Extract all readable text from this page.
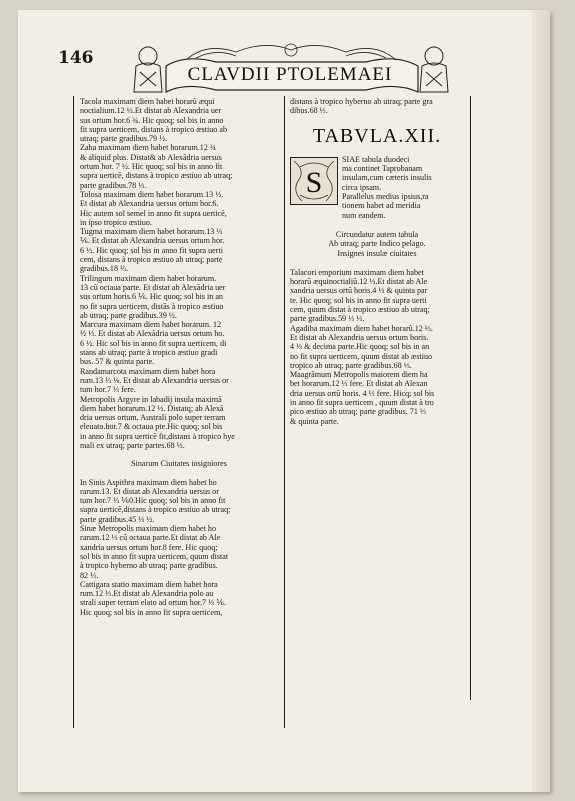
146
CLAVDII PTOLEMAEI

Tacola maximam diem habet horarũ æqui

noctialium.12 ½.Et distat ab Alexandria uer

sus ortum hor.6 ¾. Hic quoq; sol bis in anno

fit supra uerticem, distans à tropico æstiuo ab

utraq; parte gradibus.79 ½.

Zaba maximam diem habet horarum.12 ¾

& aliquid plus. Distat& ab Alexãdria uersus

ortum hor. 7 ½. Hic quoq; sol bis in anno fit

supra uerticẽ, distans à tropico æstiuo ab utraq;

parte gradibus.78 ⅓.

Tolosa maximam diem habet horarum.13 ½.

Et distat ab Alexandria uersus ortum hor.6.

Hic autem sol semel in anno fit supra uerticẽ,

in ipso tropico æstiuo.

Tugma maximam diem habet horarum.13 ⅓

⅙. Et distat ab Alexandria uersus ortum hor.

6 ⅓. Hic quoq; sol bis in anno fit supra uerti

cem, distans à tropico æstiuo ab utraq; parte

gradibus.18 ⅓.

Trilingum maximam diem habet horarum.

13 cũ octaua parte. Et distat ab Alexãdria uer

sus ortum horis.6 ⅙. Hic quoq; sol bis in an

no fit supra uerticem, distãs à tropico æstiuo

ab utraq; parte gradibus.39 ½.

Marcura maximam diem habet horarum. 12

½ ⅓. Et distat ab Alexãdria uersus ortum ho.

6 ½. Hic sol bis in anno fit supra uerticem, di

stans ab utraq; parte à tropico æstiuo gradi

bus. 57 & quinta parte.

Randamarcota maximam diem habet hora

rum.13 ⅓ ⅛. Et distat ab Alexandria uersus or

tum hor.7 ⅓ fere.

Metropolis Argyre in labadij insula maximã

diem habet horarum.12 ½. Distatq; ab Alexã

dria uersus ortum, Australi polo super terram

eleuato.hor.7 & octaua pte.Hic quoq; sol bis

in anno fit supra uerticẽ fit,distans à tropico hye

mali ex utraq; parte partes.68 ⅓.

Sinarum Ciuitates insigniores

In Sinis Aspithra maximam diem habet ho

rarum.13. Et distat ab Alexandria uersus or

tum hor.7 ⅓ ⅙0.Hic quoq; sol bis in anno fit

supra uerticẽ,distans à tropico æstiuo ab utraq;

parte gradibus.45 ⅓ ½.

Sinæ Metropolis maximam diem habet ho

rarum.12 ⅓ cũ octaua parte.Et distat ab Ale

xandria uersus ortum hor.8 fere. Hic quoq;

sol bis in anno fit supra uerticem, quum distat

à tropico hyberno ab utraq; parte gradibus.

82 ⅓.

Cattigara statio maximam diem habet hora

rum.12 ⅓.Et distat ab Alexandria polo au

strali super terram elato ad ortum hor.7 ⅓ ⅙.

Hic quoq; sol bis in anno fit supra uerticem,

distans à tropico hyberno ab utraq; parte gra

dibus.68 ⅓.

TABVLA.XII.
S

SIAE tabula duodeci

ma continet Taprobanam

insulam,cum cæteris insulis

circa ipsam.

Parallelus medius ipsius,ra

tionem habet ad meridia

num eandem.

Circundatur autem tabula

Ab utraq; parte Indico pelago.

Insignes insulæ ciuitates

Talacori emporium maximam diem habet

horarũ æquinoctialiũ.12 ⅓.Et distat ab Ale

xandria uersus ortũ horis.4 ⅓ & quinta par

te. Hic quoq; sol bis in anno fit supra uerti

cem, quum distat à tropico æstiuo ab utraq;

parte gradibus.59 ⅓ ⅓.

Agadiba maximam diem habet horarũ.12 ⅓.

Et distat ab Alexandria uersus ortum horis.

4 ⅓ & decima parte.Hic quoq; sol bis in an

no fit supra uerticem, quum distat ab æstiuo

tropico ab utraq; parte gradibus.68 ⅓.

Maagrãmum Metropolis maiorem diem ha

bet horarum.12 ⅓ fere. Et distat ab Alexan

dria uersus ortũ horis. 4 ⅓ fere. Hicq; sol bis

in anno fit supra uerticem , quum distat à tro

pico æstiuo ab utraq; parte gradibus. 71 ⅓

& quinta parte.
